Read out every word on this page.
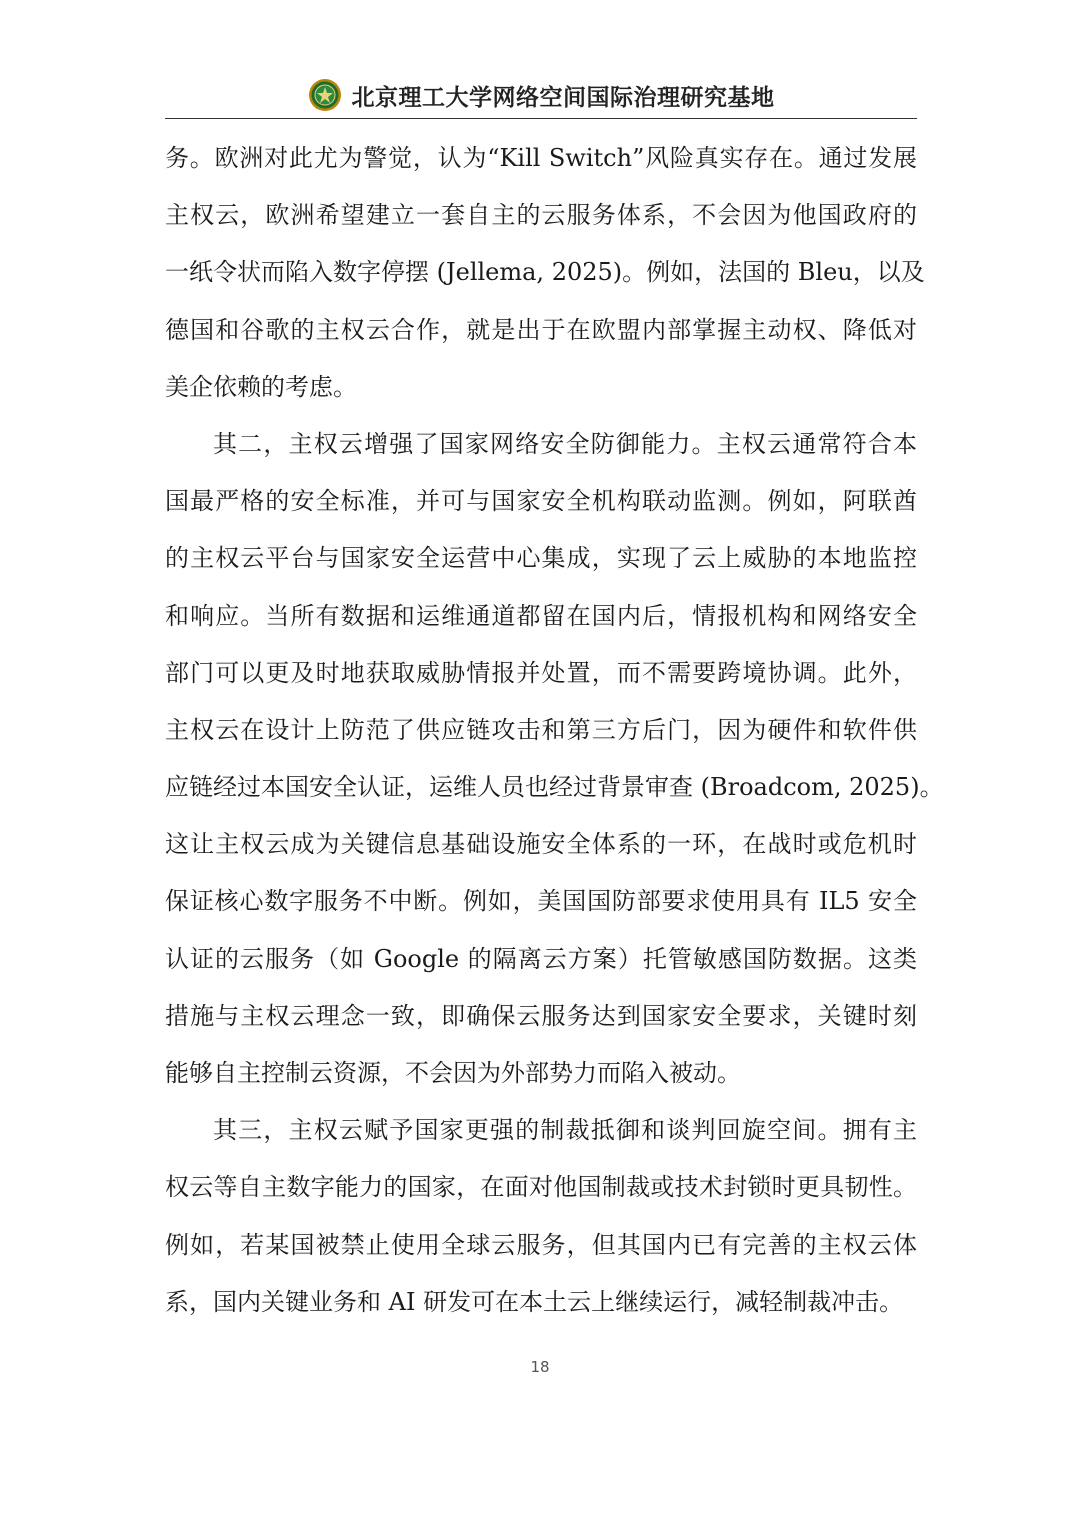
北京理工大学网络空间国际治理研究基地
务。欧洲对此尤为警觉，认为“Kill Switch”风险真实存在。通过发展
主权云，欧洲希望建立一套自主的云服务体系，不会因为他国政府的
一纸令状而陷入数字停摆 (Jellema, 2025)。例如，法国的 Bleu，以及
德国和谷歌的主权云合作，就是出于在欧盟内部掌握主动权、降低对
美企依赖的考虑。
其二，主权云增强了国家网络安全防御能力。主权云通常符合本
国最严格的安全标准，并可与国家安全机构联动监测。例如，阿联酋
的主权云平台与国家安全运营中心集成，实现了云上威胁的本地监控
和响应。当所有数据和运维通道都留在国内后，情报机构和网络安全
部门可以更及时地获取威胁情报并处置，而不需要跨境协调。此外，
主权云在设计上防范了供应链攻击和第三方后门，因为硬件和软件供
应链经过本国安全认证，运维人员也经过背景审查 (Broadcom, 2025)。
这让主权云成为关键信息基础设施安全体系的一环，在战时或危机时
保证核心数字服务不中断。例如，美国国防部要求使用具有 IL5 安全
认证的云服务（如 Google 的隔离云方案）托管敏感国防数据。这类
措施与主权云理念一致，即确保云服务达到国家安全要求，关键时刻
能够自主控制云资源，不会因为外部势力而陷入被动。
其三，主权云赋予国家更强的制裁抵御和谈判回旋空间。拥有主
权云等自主数字能力的国家，在面对他国制裁或技术封锁时更具韧性。
例如，若某国被禁止使用全球云服务，但其国内已有完善的主权云体
系，国内关键业务和 AI 研发可在本土云上继续运行，减轻制裁冲击。
18
